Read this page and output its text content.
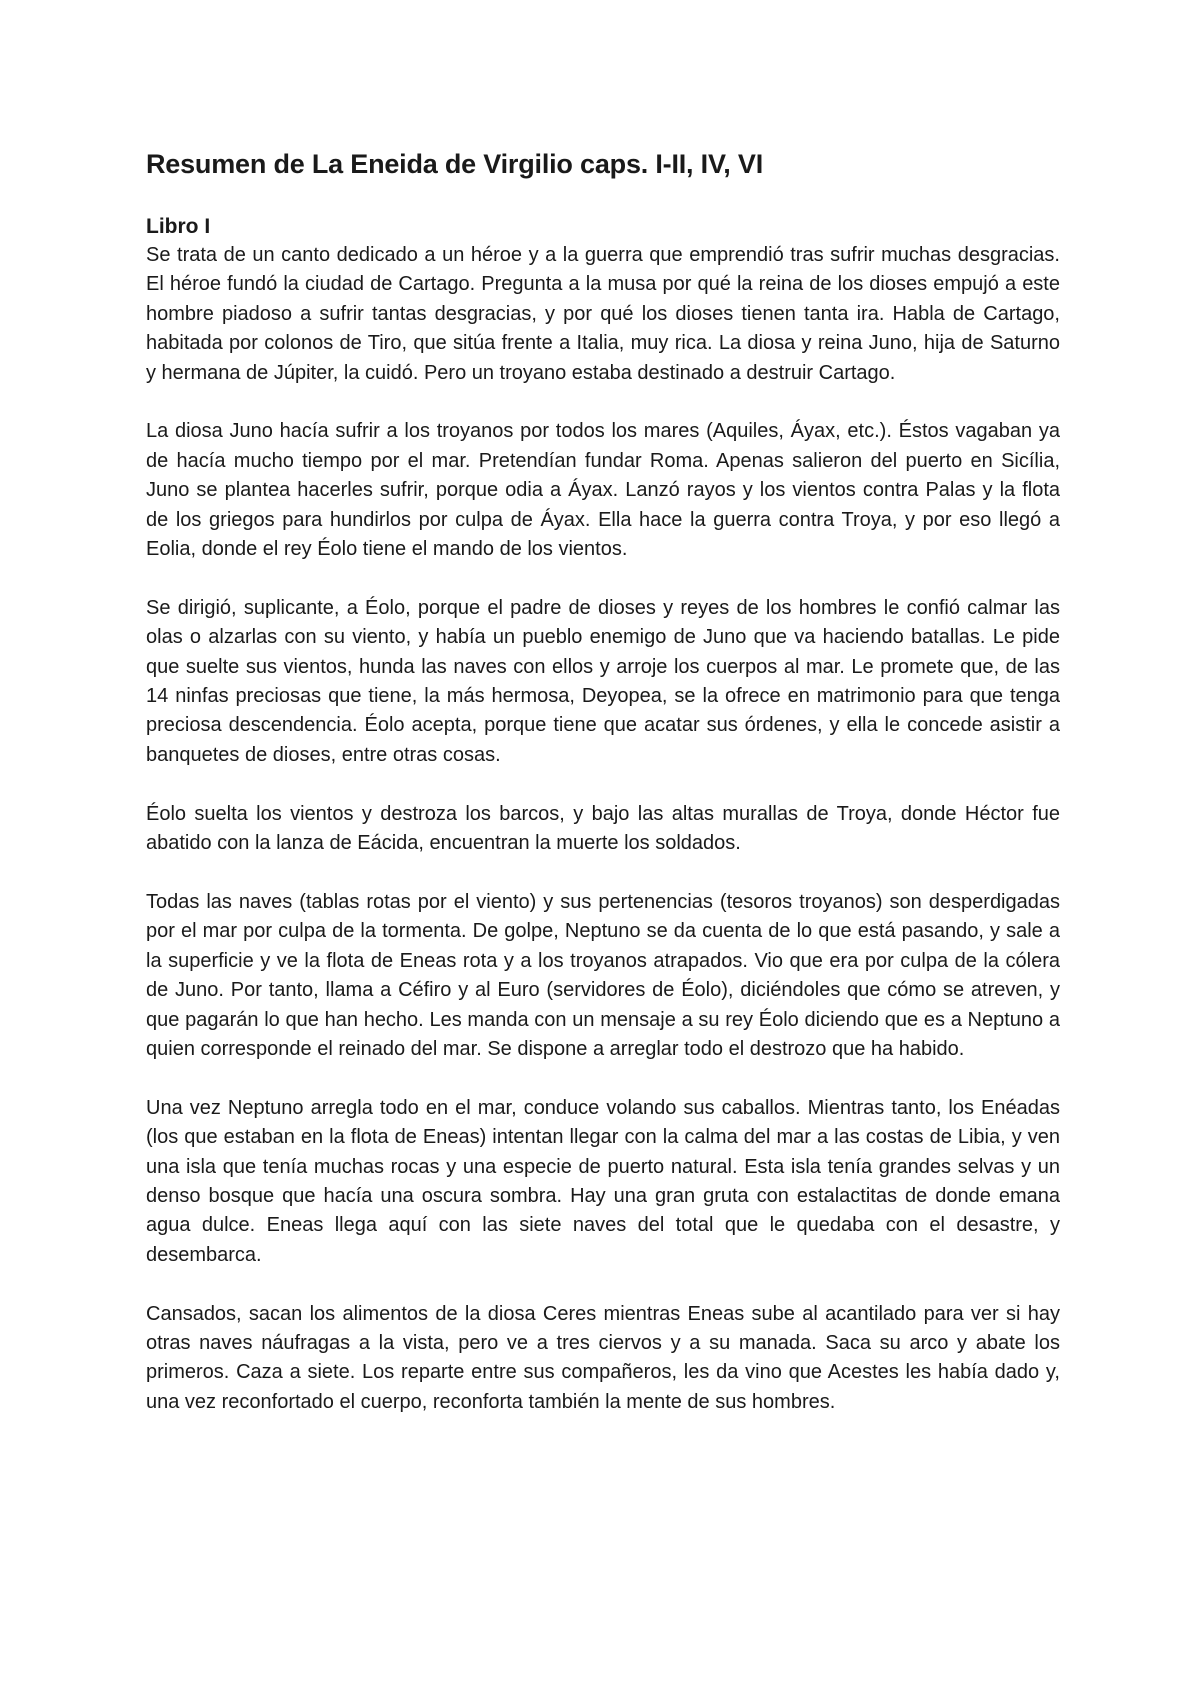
Resumen de La Eneida de Virgilio caps. I-II, IV, VI
Libro I

Se trata de un canto dedicado a un héroe y a la guerra que emprendió tras sufrir muchas desgracias. El héroe fundó la ciudad de Cartago. Pregunta a la musa por qué la reina de los dioses empujó a este hombre piadoso a sufrir tantas desgracias, y por qué los dioses tienen tanta ira. Habla de Cartago, habitada por colonos de Tiro, que sitúa frente a Italia, muy rica. La diosa y reina Juno, hija de Saturno y hermana de Júpiter, la cuidó. Pero un troyano estaba destinado a destruir Cartago.

La diosa Juno hacía sufrir a los troyanos por todos los mares (Aquiles, Áyax, etc.). Éstos vagaban ya de hacía mucho tiempo por el mar. Pretendían fundar Roma. Apenas salieron del puerto en Sicília, Juno se plantea hacerles sufrir, porque odia a Áyax. Lanzó rayos y los vientos contra Palas y la flota de los griegos para hundirlos por culpa de Áyax. Ella hace la guerra contra Troya, y por eso llegó a Eolia, donde el rey Éolo tiene el mando de los vientos.

Se dirigió, suplicante, a Éolo, porque el padre de dioses y reyes de los hombres le confió calmar las olas o alzarlas con su viento, y había un pueblo enemigo de Juno que va haciendo batallas. Le pide que suelte sus vientos, hunda las naves con ellos y arroje los cuerpos al mar. Le promete que, de las 14 ninfas preciosas que tiene, la más hermosa, Deyopea, se la ofrece en matrimonio para que tenga preciosa descendencia. Éolo acepta, porque tiene que acatar sus órdenes, y ella le concede asistir a banquetes de dioses, entre otras cosas.

Éolo suelta los vientos y destroza los barcos, y bajo las altas murallas de Troya, donde Héctor fue abatido con la lanza de Eácida, encuentran la muerte los soldados.

Todas las naves (tablas rotas por el viento) y sus pertenencias (tesoros troyanos) son desperdigadas por el mar por culpa de la tormenta. De golpe, Neptuno se da cuenta de lo que está pasando, y sale a la superficie y ve la flota de Eneas rota y a los troyanos atrapados. Vio que era por culpa de la cólera de Juno. Por tanto, llama a Céfiro y al Euro (servidores de Éolo), diciéndoles que cómo se atreven, y que pagarán lo que han hecho. Les manda con un mensaje a su rey Éolo diciendo que es a Neptuno a quien corresponde el reinado del mar. Se dispone a arreglar todo el destrozo que ha habido.

Una vez Neptuno arregla todo en el mar, conduce volando sus caballos. Mientras tanto, los Enéadas (los que estaban en la flota de Eneas) intentan llegar con la calma del mar a las costas de Libia, y ven una isla que tenía muchas rocas y una especie de puerto natural. Esta isla tenía grandes selvas y un denso bosque que hacía una oscura sombra. Hay una gran gruta con estalactitas de donde emana agua dulce. Eneas llega aquí con las siete naves del total que le quedaba con el desastre, y desembarca.

Cansados, sacan los alimentos de la diosa Ceres mientras Eneas sube al acantilado para ver si hay otras naves náufragas a la vista, pero ve a tres ciervos y a su manada. Saca su arco y abate los primeros. Caza a siete. Los reparte entre sus compañeros, les da vino que Acestes les había dado y, una vez reconfortado el cuerpo, reconforta también la mente de sus hombres.
